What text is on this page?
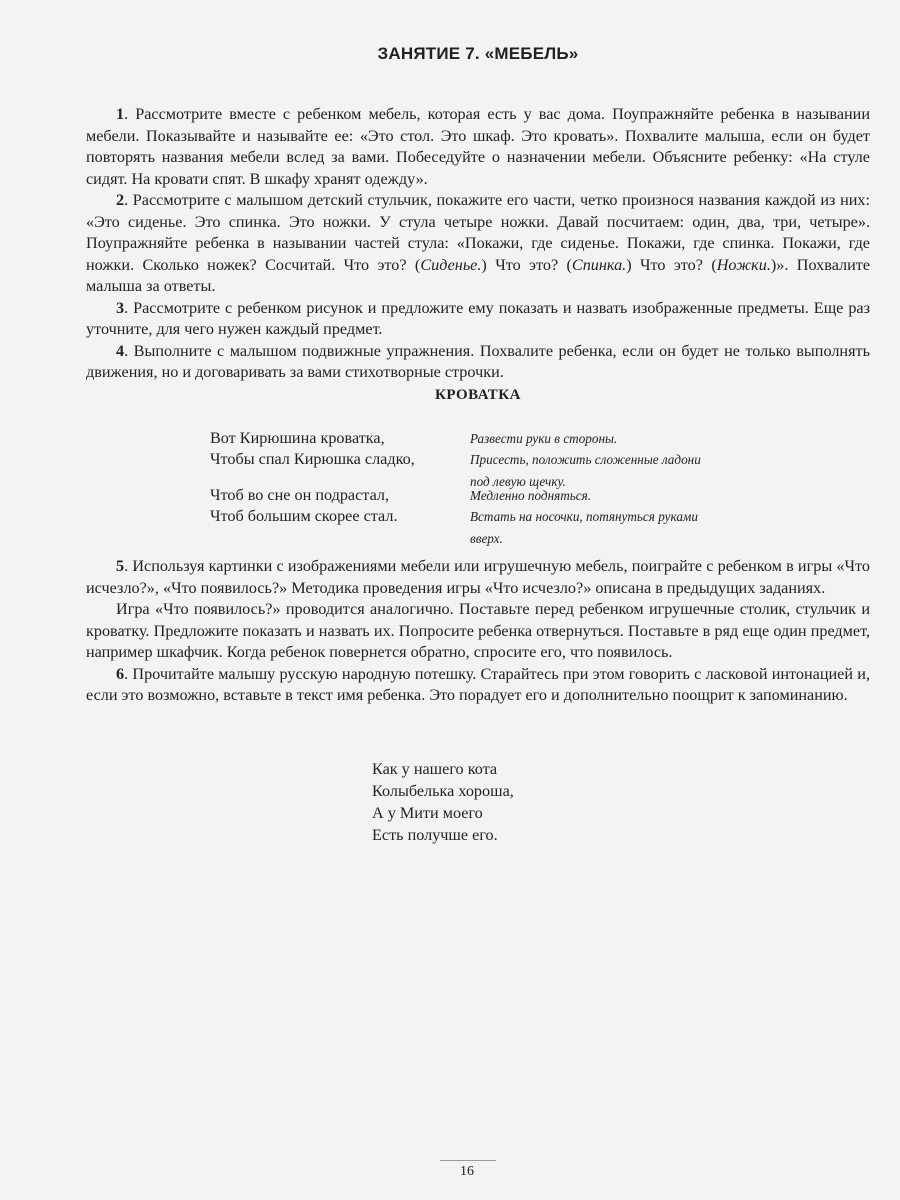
ЗАНЯТИЕ 7. «МЕБЕЛЬ»

1. Рассмотрите вместе с ребенком мебель, которая есть у вас дома. Поупражняйте ребенка в назывании мебели. Показывайте и называйте ее: «Это стол. Это шкаф. Это кровать». Похвалите малыша, если он будет повторять названия мебели вслед за вами. Побеседуйте о назначении мебели. Объясните ребенку: «На стуле сидят. На кровати спят. В шкафу хранят одежду».

2. Рассмотрите с малышом детский стульчик, покажите его части, четко произнося названия каждой из них: «Это сиденье. Это спинка. Это ножки. У стула четыре ножки. Давай посчитаем: один, два, три, четыре». Поупражняйте ребенка в назывании частей стула: «Покажи, где сиденье. Покажи, где спинка. Покажи, где ножки. Сколько ножек? Сосчитай. Что это? (Сиденье.) Что это? (Спинка.) Что это? (Ножки.)». Похвалите малыша за ответы.

3. Рассмотрите с ребенком рисунок и предложите ему показать и назвать изображенные предметы. Еще раз уточните, для чего нужен каждый предмет.

4. Выполните с малышом подвижные упражнения. Похвалите ребенка, если он будет не только выполнять движения, но и договаривать за вами стихотворные строчки.

КРОВАТКА
Вот Кирюшина кроватка,	Развести руки в стороны.
Чтобы спал Кирюшка сладко,	Присесть, положить сложенные ладони
под левую щечку.
Чтоб во сне он подрастал,	Медленно подняться.
Чтоб большим скорее стал.	Встать на носочки, потянуться руками
вверх.

5. Используя картинки с изображениями мебели или игрушечную мебель, поиграйте с ребенком в игры «Что исчезло?», «Что появилось?» Методика проведения игры «Что исчезло?» описана в предыдущих заданиях.

Игра «Что появилось?» проводится аналогично. Поставьте перед ребенком игрушечные столик, стульчик и кроватку. Предложите показать и назвать их. Попросите ребенка отвернуться. Поставьте в ряд еще один предмет, например шкафчик. Когда ребенок повернется обратно, спросите его, что появилось.

6. Прочитайте малышу русскую народную потешку. Старайтесь при этом говорить с ласковой интонацией и, если это возможно, вставьте в текст имя ребенка. Это порадует его и дополнительно поощрит к запоминанию.

Как у нашего кота
Колыбелька хороша,
А у Мити моего
Есть получше его.
16
